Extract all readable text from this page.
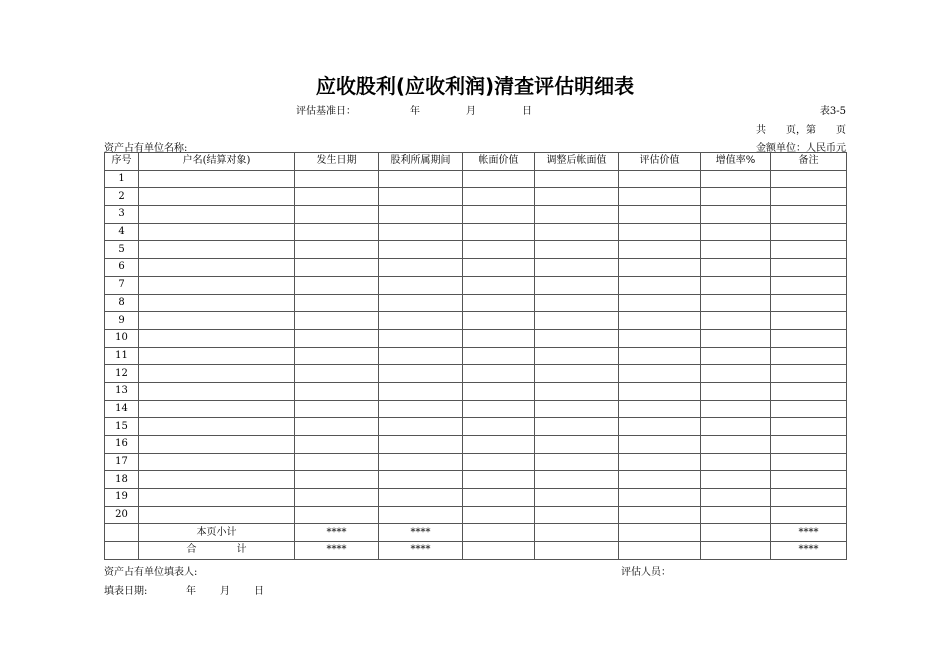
应收股利(应收利润)清查评估明细表
评估基准日：	年	月	日	表3-5
共　　页，第　　页
资产占有单位名称:	金额单位：人民币元
序号	户名(结算对象)	发生日期	股利所属期间	帐面价值	调整后帐面值	评估价值	增值率%	备注
1								
2								
3								
4								
5								
6								
7								
8								
9								
10								
11								
12								
13								
14								
15								
16								
17								
18								
19								
20								
	本页小计	****	****					****
	合　　　　计	****	****					****
资产占有单位填表人:	评估人员：
填表日期:	年 月 日
